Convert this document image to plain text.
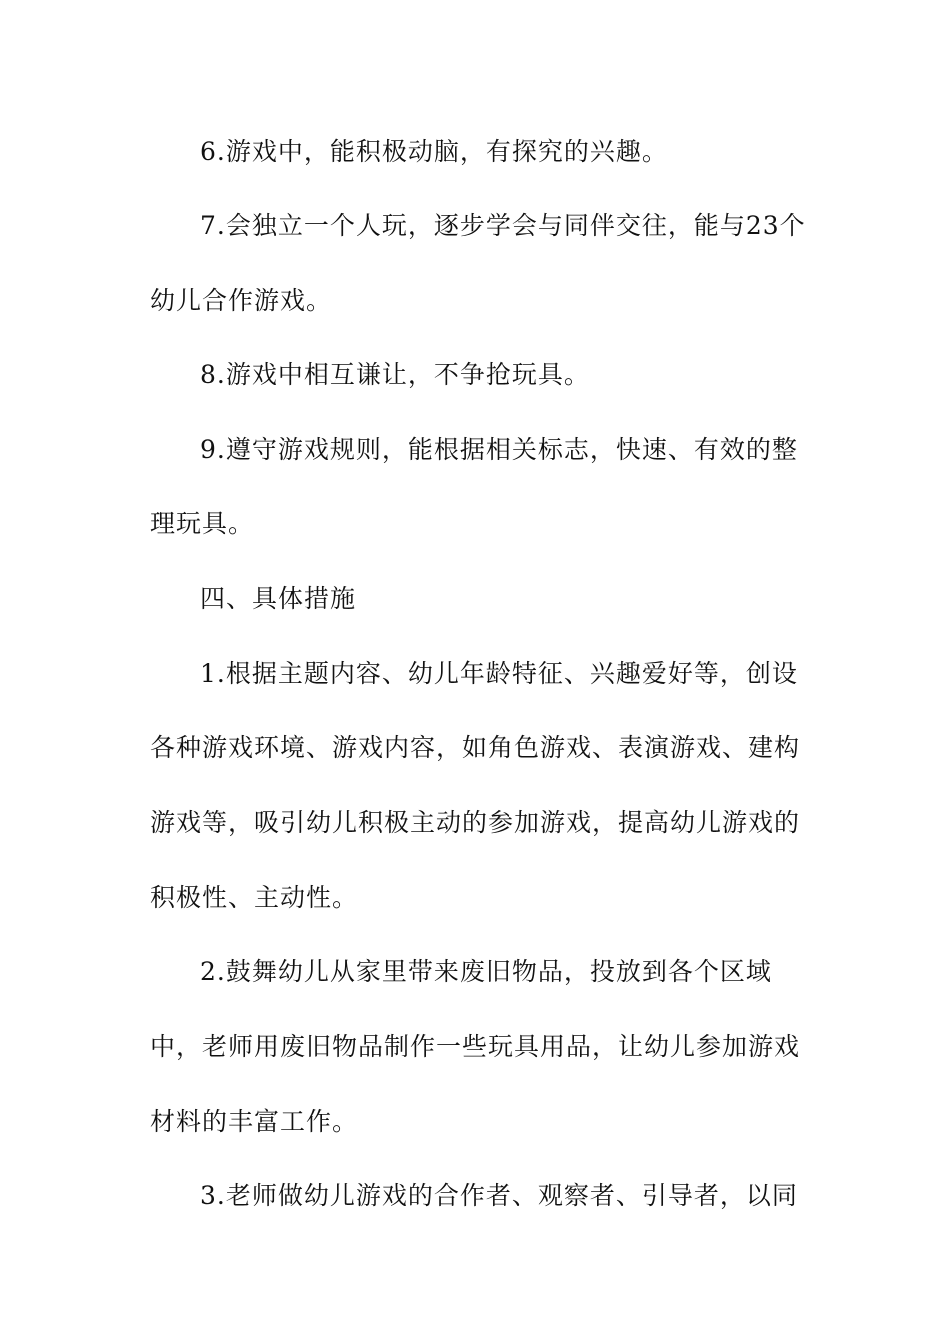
6.游戏中，能积极动脑，有探究的兴趣。
7.会独立一个人玩，逐步学会与同伴交往，能与23个
幼儿合作游戏。
8.游戏中相互谦让，不争抢玩具。
9.遵守游戏规则，能根据相关标志，快速、有效的整
理玩具。
四、具体措施
1.根据主题内容、幼儿年龄特征、兴趣爱好等，创设
各种游戏环境、游戏内容，如角色游戏、表演游戏、建构
游戏等，吸引幼儿积极主动的参加游戏，提高幼儿游戏的
积极性、主动性。
2.鼓舞幼儿从家里带来废旧物品，投放到各个区域
中，老师用废旧物品制作一些玩具用品，让幼儿参加游戏
材料的丰富工作。
3.老师做幼儿游戏的合作者、观察者、引导者，以同
